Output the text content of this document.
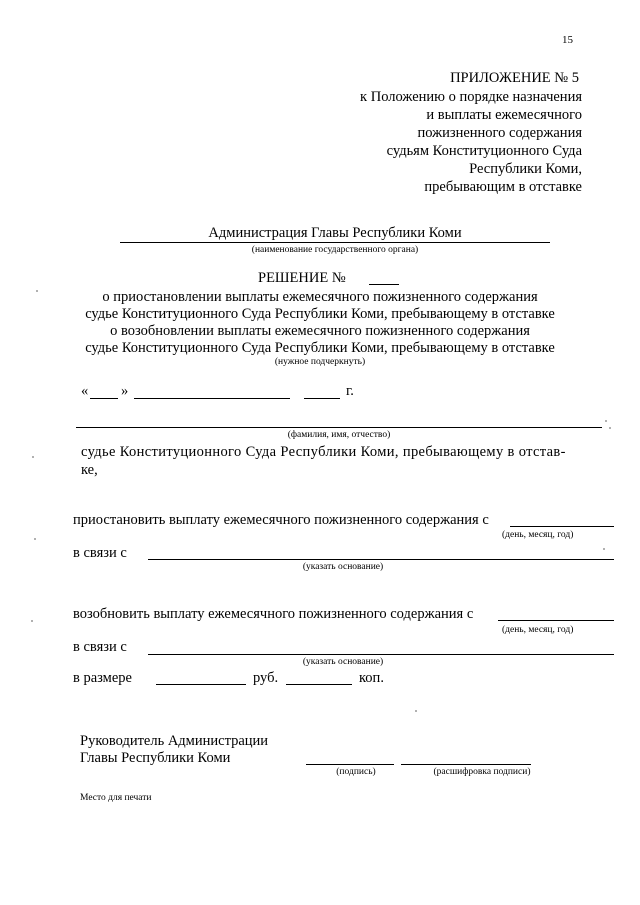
15
ПРИЛОЖЕНИЕ № 5
к Положению о порядке назначения
и выплаты ежемесячного
пожизненного содержания
судьям Конституционного Суда
Республики Коми,
пребывающим в отставке
Администрация Главы Республики Коми
(наименование государственного органа)
РЕШЕНИЕ №
о приостановлении выплаты ежемесячного пожизненного содержания
судье Конституционного Суда Республики Коми, пребывающему в отставке
о возобновлении выплаты ежемесячного пожизненного содержания
судье Конституционного Суда Республики Коми, пребывающему в отставке
(нужное подчеркнуть)
« »	г.
(фамилия, имя, отчество)
судье Конституционного Суда Республики Коми, пребывающему в отстав-
ке,
приостановить выплату ежемесячного пожизненного содержания с
(день, месяц, год)
в связи с
(указать основание)
возобновить выплату ежемесячного пожизненного содержания с
(день, месяц, год)
в связи с
(указать основание)
в размере	руб.	коп.
Руководитель Администрации
Главы Республики Коми
(подпись)	(расшифровка подписи)
Место для печати
